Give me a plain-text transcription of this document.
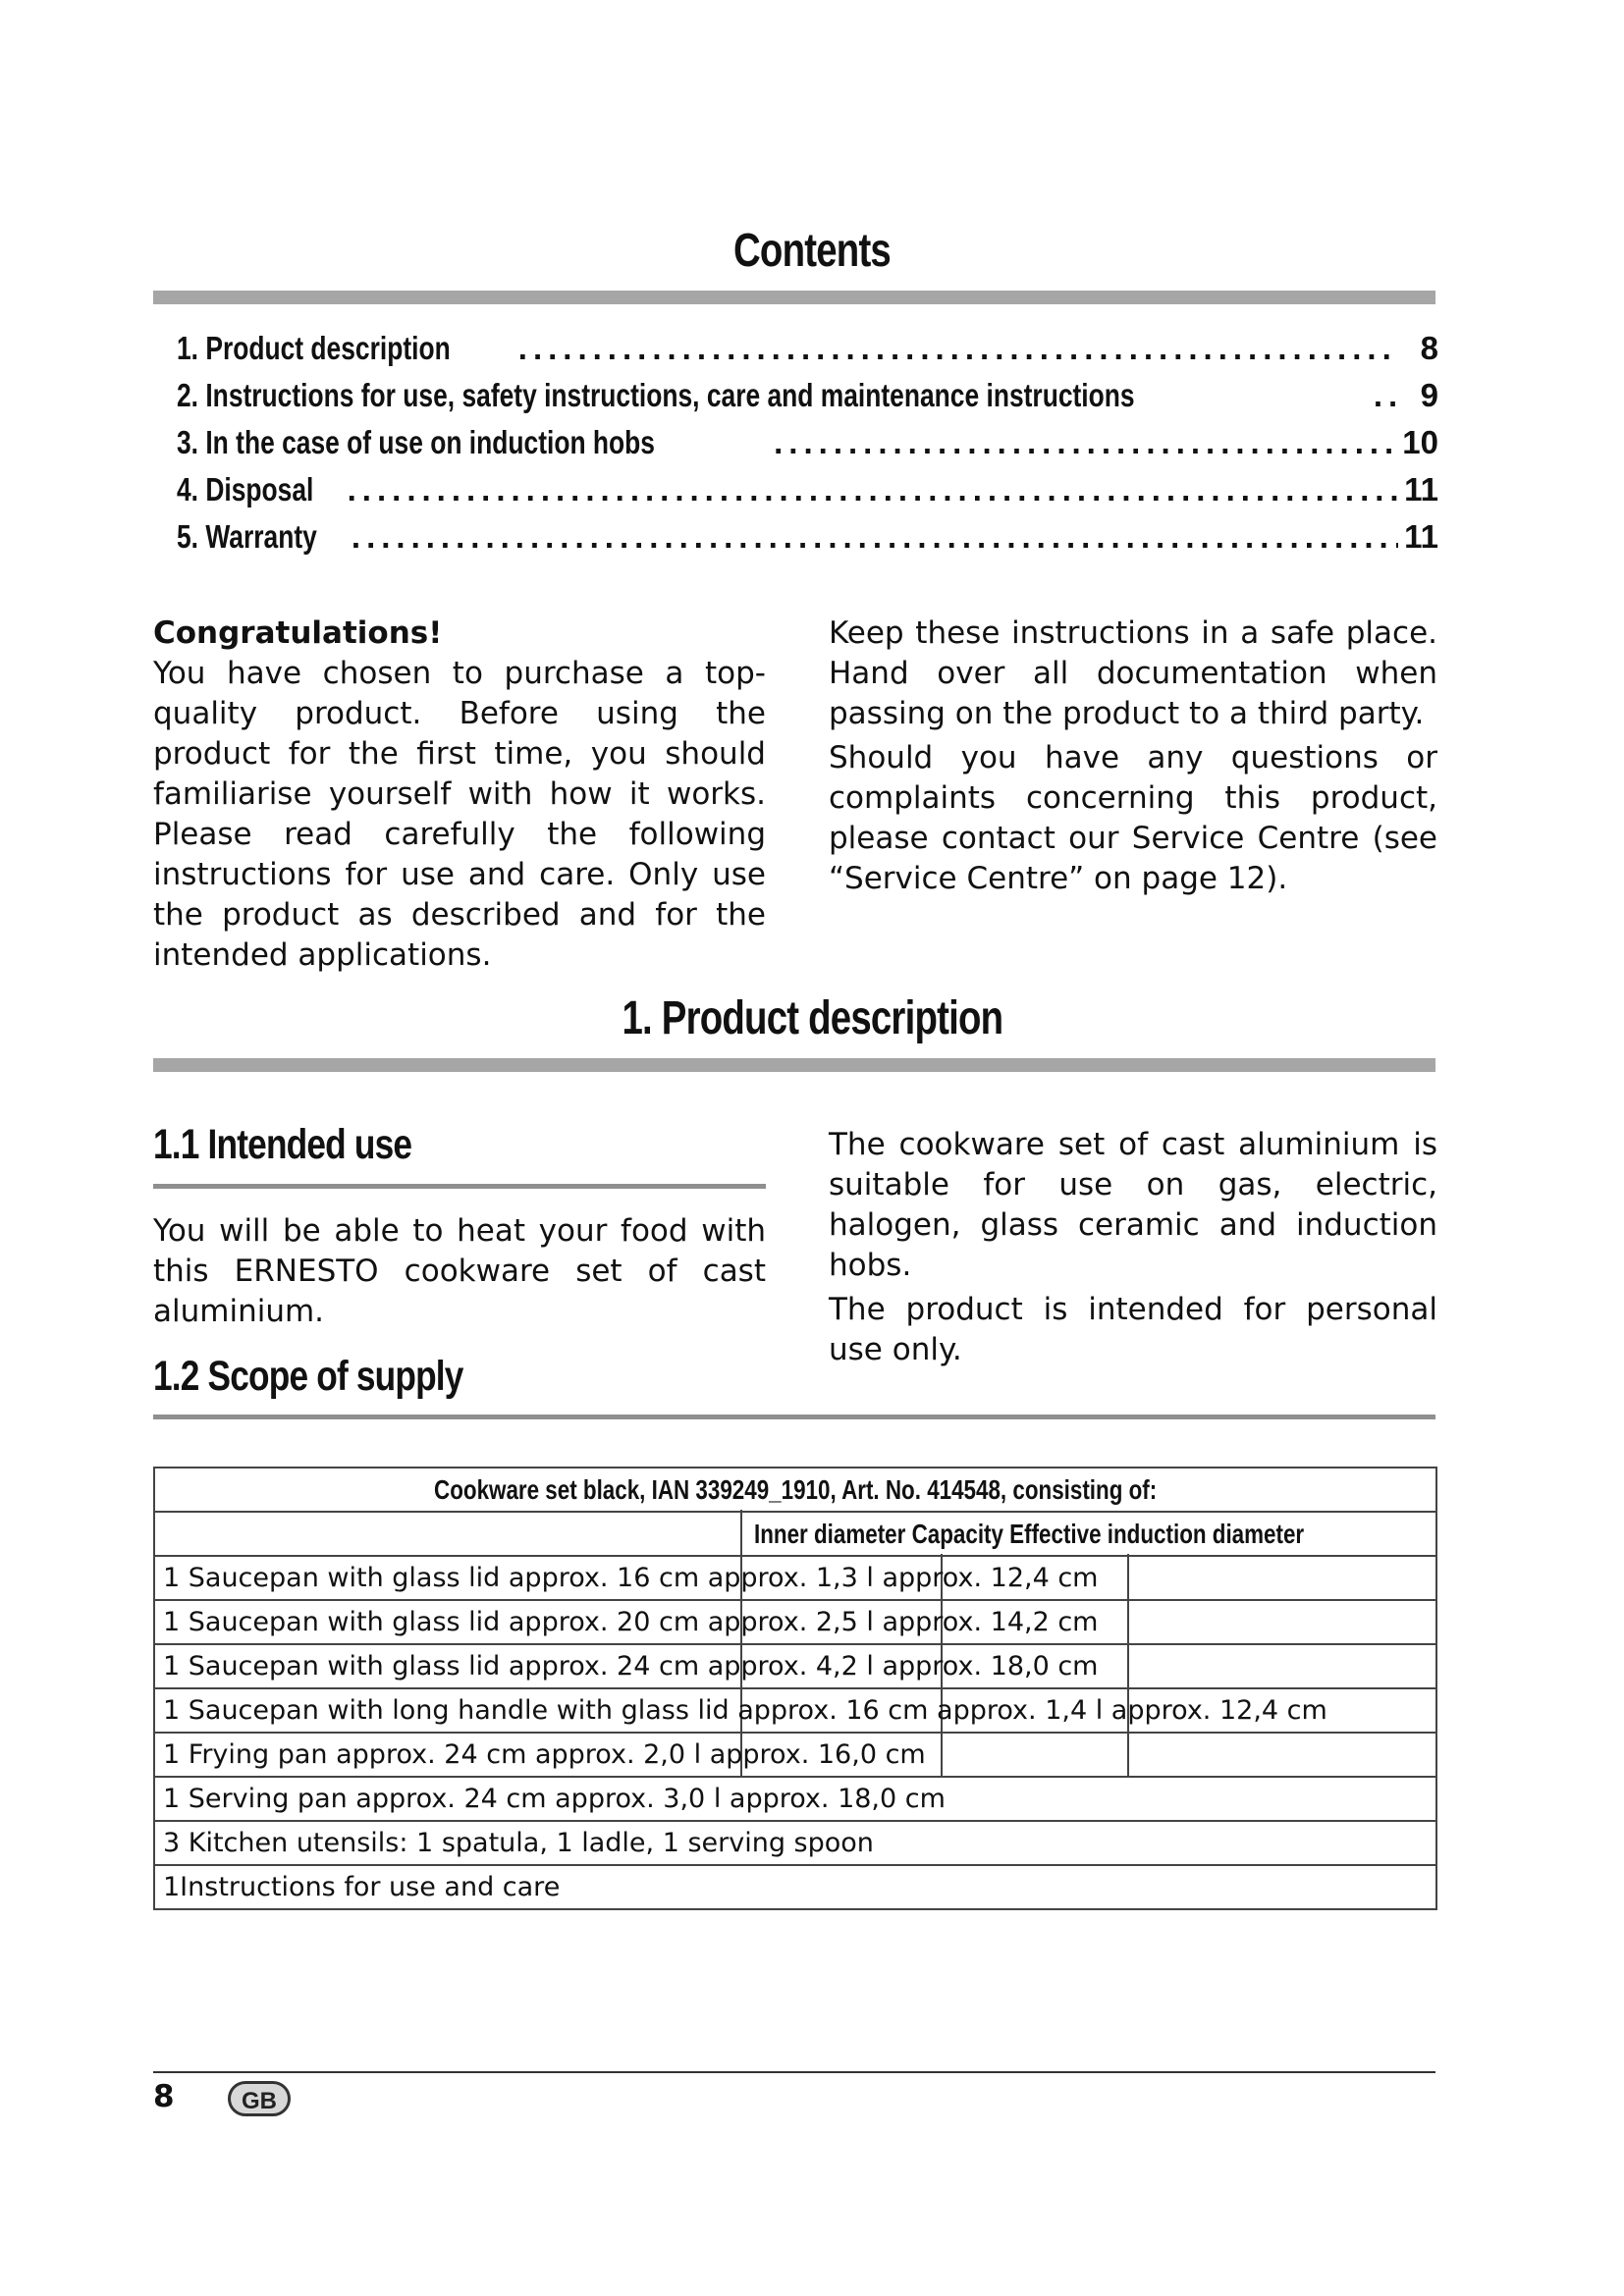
Contents
1. Product description .....	8
2. Instructions for use, safety instructions, care and maintenance instructions .....	9
3. In the case of use on induction hobs .....	10
4. Disposal .....	11
5. Warranty .....	11
Congratulations!

You have chosen to purchase a top-quality product. Before using the product for the first time, you should familiarise yourself with how it works. Please read carefully the following instructions for use and care. Only use the product as described and for the intended applications.

Keep these instructions in a safe place. Hand over all documentation when passing on the product to a third party.

Should you have any questions or complaints concerning this product, please contact our Service Centre (see “Service Centre” on page 12).

1. Product description
1.1 Intended use

You will be able to heat your food with this ERNESTO cookware set of cast aluminium.

The cookware set of cast aluminium is suitable for use on gas, electric, halogen, glass ceramic and induction hobs.

The product is intended for personal use only.

1.2 Scope of supply
Cookware set black, IAN 339249_1910, Art. No. 414548, consisting of:
	Inner diameter Capacity Effective induction diameter
1 Saucepan with glass lid approx. 16 cm approx. 1,3 l approx. 12,4 cm
1 Saucepan with glass lid approx. 20 cm approx. 2,5 l approx. 14,2 cm
1 Saucepan with glass lid approx. 24 cm approx. 4,2 l approx. 18,0 cm
1 Saucepan with long handle with glass lid approx. 16 cm approx. 1,4 l approx. 12,4 cm
1 Frying pan approx. 24 cm approx. 2,0 l approx. 16,0 cm
1 Serving pan approx. 24 cm approx. 3,0 l approx. 18,0 cm
3 Kitchen utensils: 1 spatula, 1 ladle, 1 serving spoon
1Instructions for use and care
8	GB
